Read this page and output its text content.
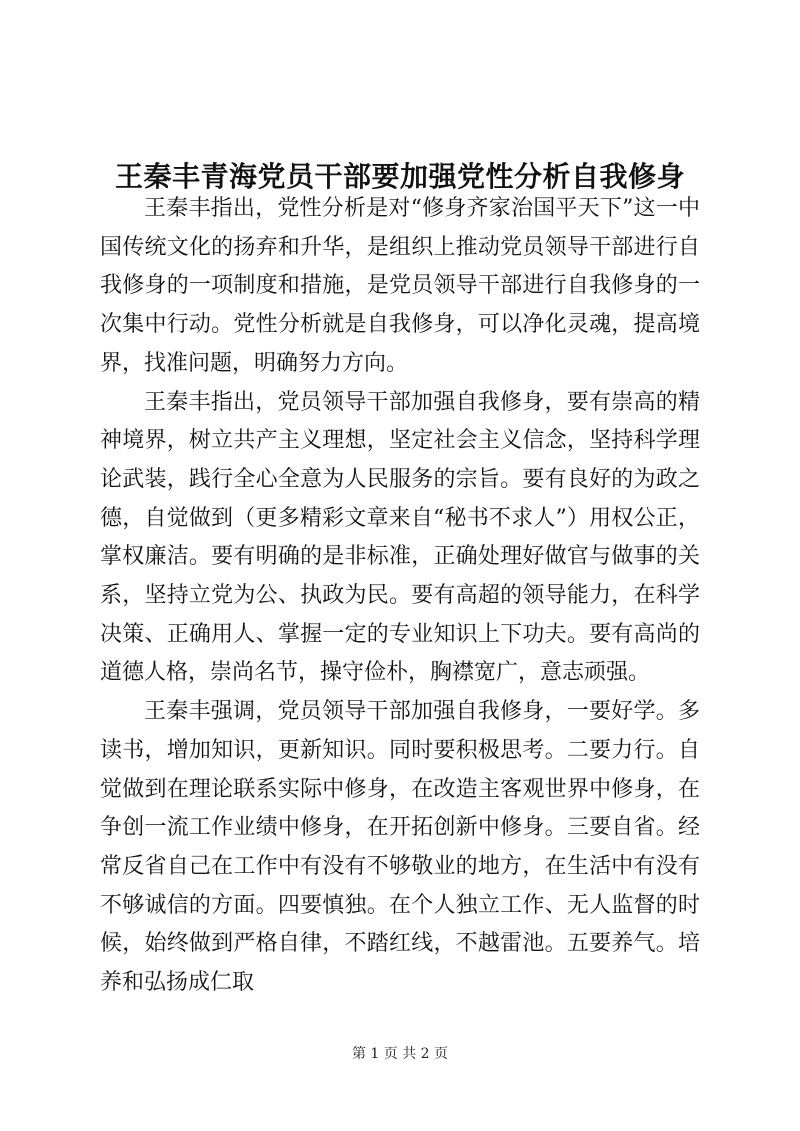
王秦丰青海党员干部要加强党性分析自我修身

王秦丰指出，党性分析是对“修身齐家治国平天下”这一中国传统文化的扬弃和升华，是组织上推动党员领导干部进行自我修身的一项制度和措施，是党员领导干部进行自我修身的一次集中行动。党性分析就是自我修身，可以净化灵魂，提高境界，找准问题，明确努力方向。

王秦丰指出，党员领导干部加强自我修身，要有崇高的精神境界，树立共产主义理想，坚定社会主义信念，坚持科学理论武装，践行全心全意为人民服务的宗旨。要有良好的为政之德，自觉做到（更多精彩文章来自“秘书不求人”）用权公正，掌权廉洁。要有明确的是非标准，正确处理好做官与做事的关系，坚持立党为公、执政为民。要有高超的领导能力，在科学决策、正确用人、掌握一定的专业知识上下功夫。要有高尚的道德人格，崇尚名节，操守俭朴，胸襟宽广，意志顽强。

王秦丰强调，党员领导干部加强自我修身，一要好学。多读书，增加知识，更新知识。同时要积极思考。二要力行。自觉做到在理论联系实际中修身，在改造主客观世界中修身，在争创一流工作业绩中修身，在开拓创新中修身。三要自省。经常反省自己在工作中有没有不够敬业的地方，在生活中有没有不够诚信的方面。四要慎独。在个人独立工作、无人监督的时候，始终做到严格自律，不踏红线，不越雷池。五要养气。培养和弘扬成仁取

第 1 页 共 2 页
